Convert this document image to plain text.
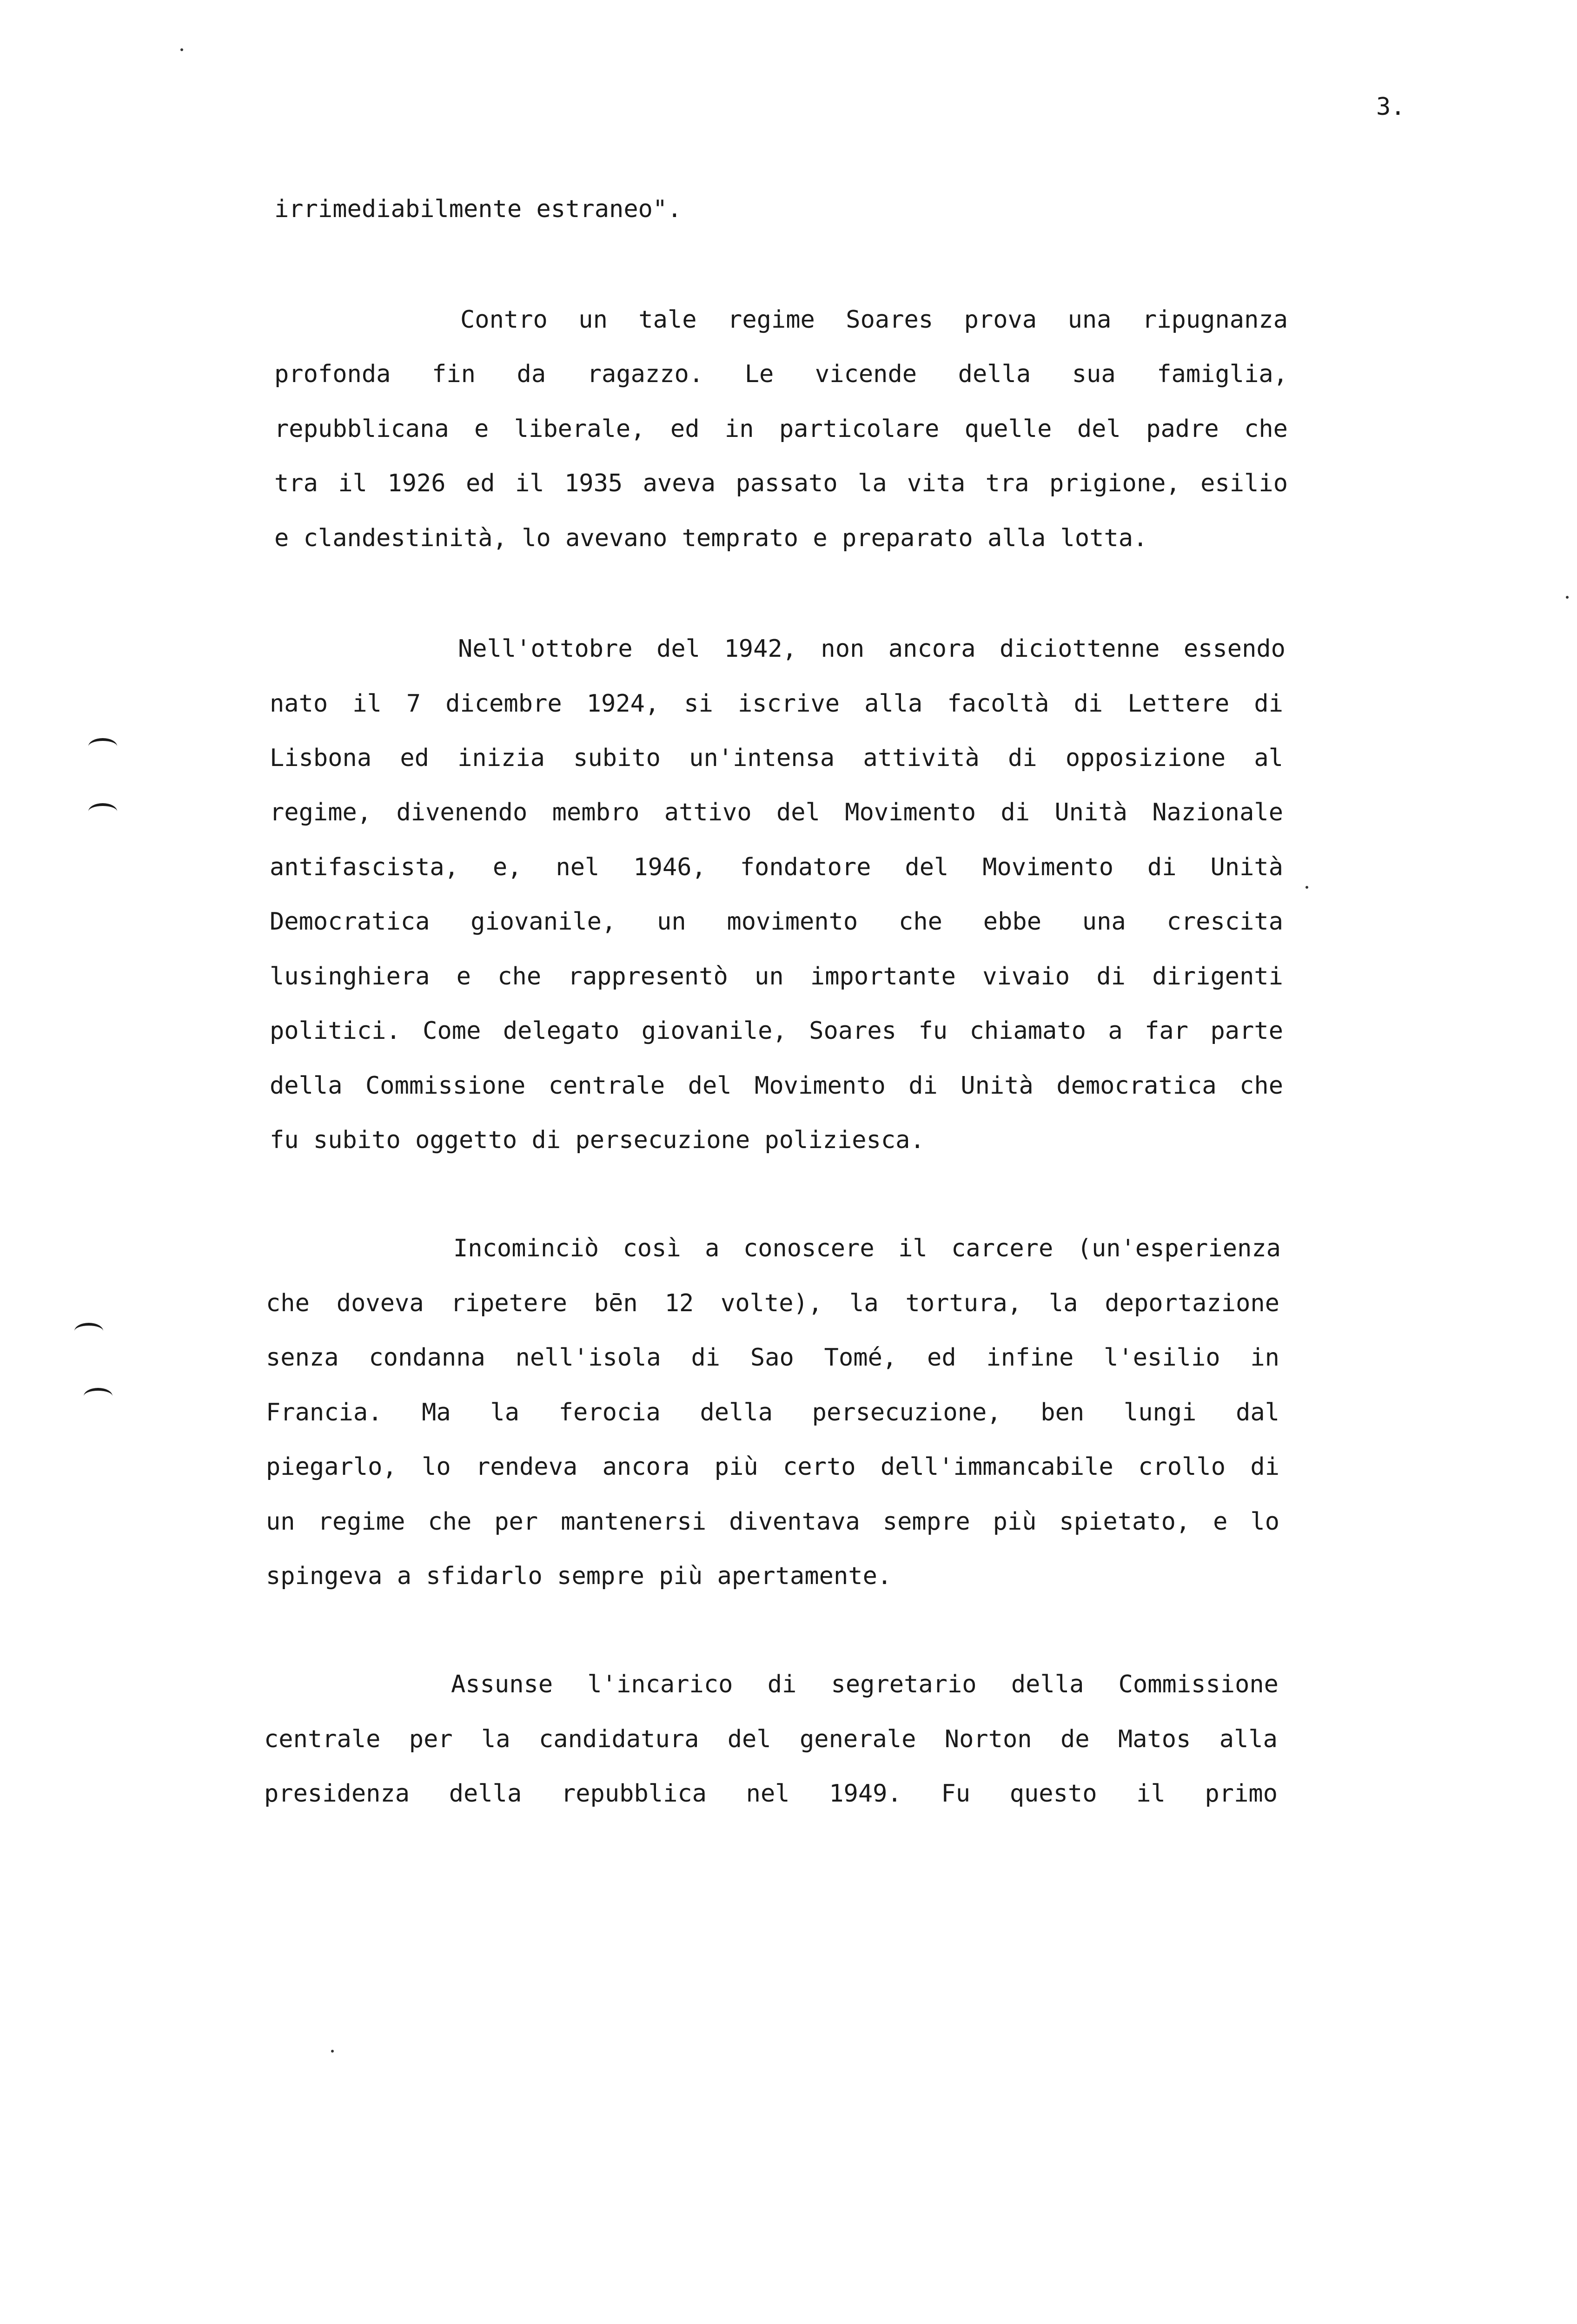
3.
irrimediabilmente estraneo".
Contro un tale regime Soares prova una ripugnanza
profonda fin da ragazzo. Le vicende della sua famiglia,
repubblicana e liberale, ed in particolare quelle del padre che
tra il 1926 ed il 1935 aveva passato la vita tra prigione, esilio
e clandestinità, lo avevano temprato e preparato alla lotta.
Nell'ottobre del 1942, non ancora diciottenne essendo
nato il 7 dicembre 1924, si iscrive alla facoltà di Lettere di
Lisbona ed inizia subito un'intensa attività di opposizione al
regime, divenendo membro attivo del Movimento di Unità Nazionale
antifascista, e, nel 1946, fondatore del Movimento di Unità
Democratica giovanile, un movimento che ebbe una crescita
lusinghiera e che rappresentò un importante vivaio di dirigenti
politici. Come delegato giovanile, Soares fu chiamato a far parte
della Commissione centrale del Movimento di Unità democratica che
fu subito oggetto di persecuzione poliziesca.
Incominciò così a conoscere il carcere (un'esperienza
che doveva ripetere bēn 12 volte), la tortura, la deportazione
senza condanna nell'isola di Sao Tomé, ed infine l'esilio in
Francia. Ma la ferocia della persecuzione, ben lungi dal
piegarlo, lo rendeva ancora più certo dell'immancabile crollo di
un regime che per mantenersi diventava sempre più spietato, e lo
spingeva a sfidarlo sempre più apertamente.
Assunse l'incarico di segretario della Commissione
centrale per la candidatura del generale Norton de Matos alla
presidenza della repubblica nel 1949. Fu questo il primo
